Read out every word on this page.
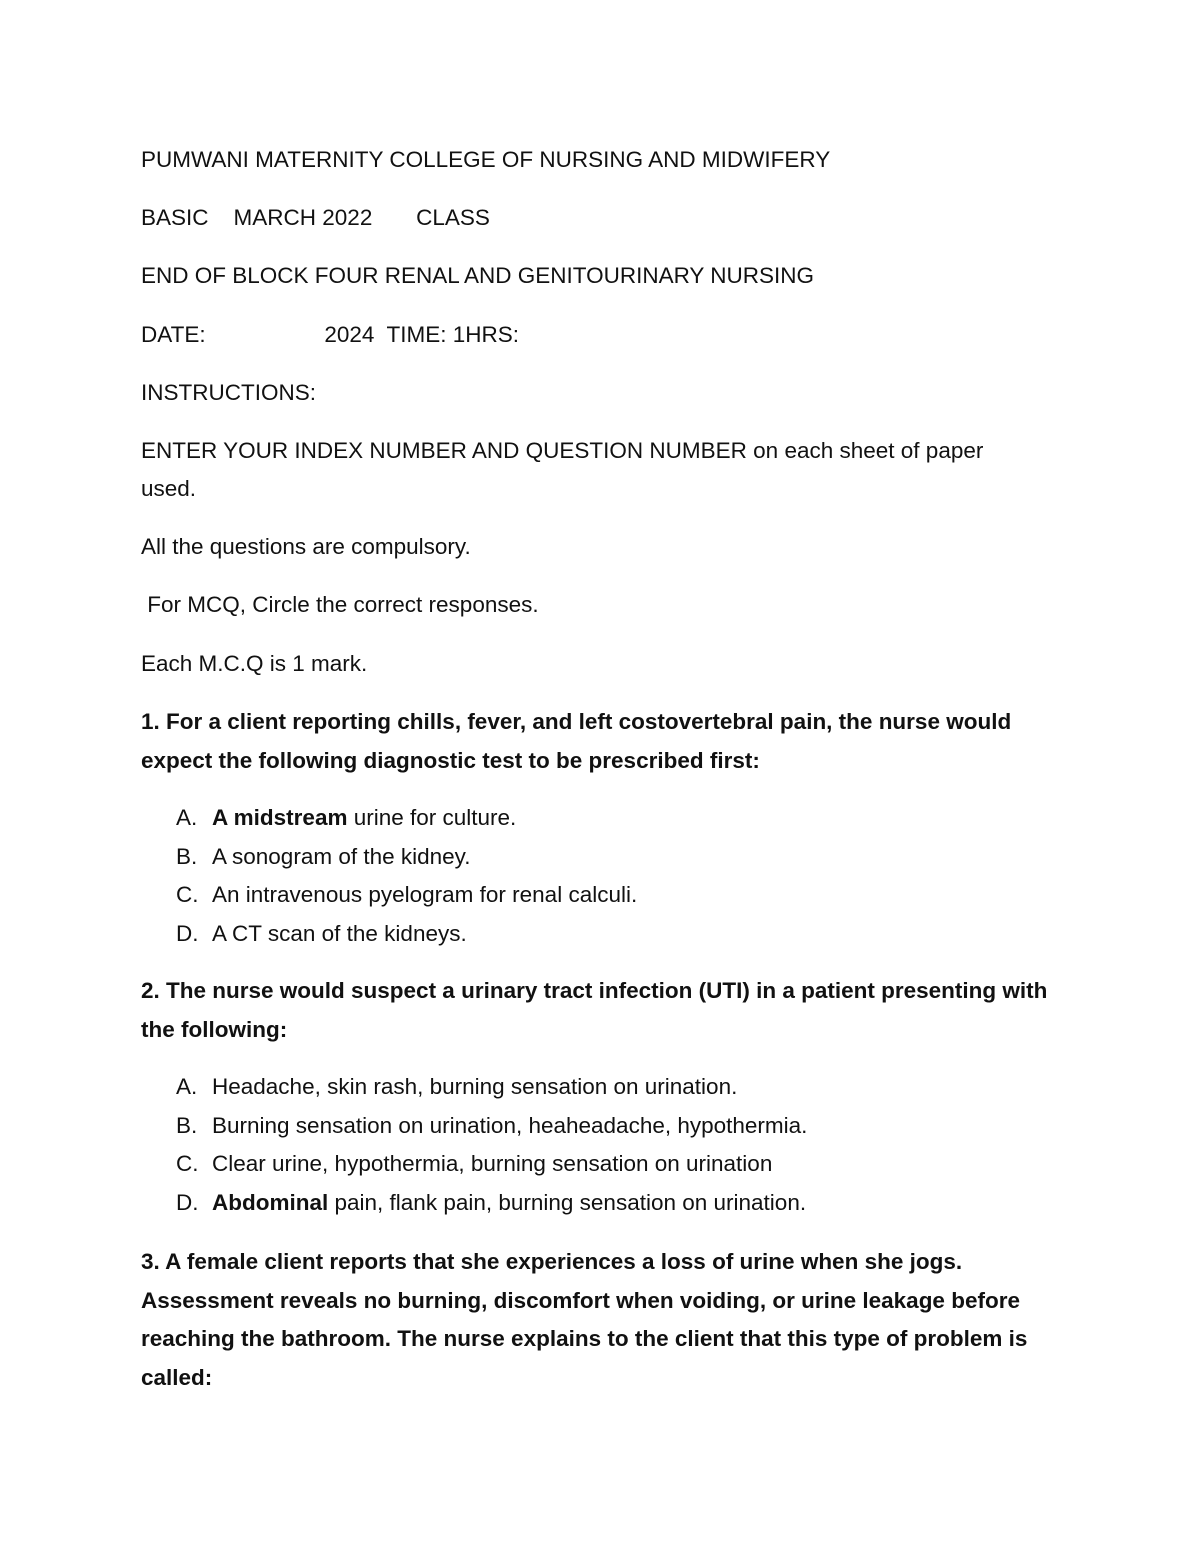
PUMWANI MATERNITY COLLEGE OF NURSING AND MIDWIFERY
BASIC    MARCH 2022       CLASS
END OF BLOCK FOUR RENAL AND GENITOURINARY NURSING
DATE:                   2024  TIME: 1HRS:
INSTRUCTIONS:
ENTER YOUR INDEX NUMBER AND QUESTION NUMBER on each sheet of paper used.
All the questions are compulsory.
For MCQ, Circle the correct responses.
Each M.C.Q is 1 mark.
1. For a client reporting chills, fever, and left costovertebral pain, the nurse would expect the following diagnostic test to be prescribed first:
A. A midstream urine for culture.
B. A sonogram of the kidney.
C. An intravenous pyelogram for renal calculi.
D. A CT scan of the kidneys.
2. The nurse would suspect a urinary tract infection (UTI) in a patient presenting with the following:
A. Headache, skin rash, burning sensation on urination.
B. Burning sensation on urination, heaheadache, hypothermia.
C. Clear urine, hypothermia, burning sensation on urination
D. Abdominal pain, flank pain, burning sensation on urination.
3. A female client reports that she experiences a loss of urine when she jogs. Assessment reveals no burning, discomfort when voiding, or urine leakage before reaching the bathroom. The nurse explains to the client that this type of problem is called:
